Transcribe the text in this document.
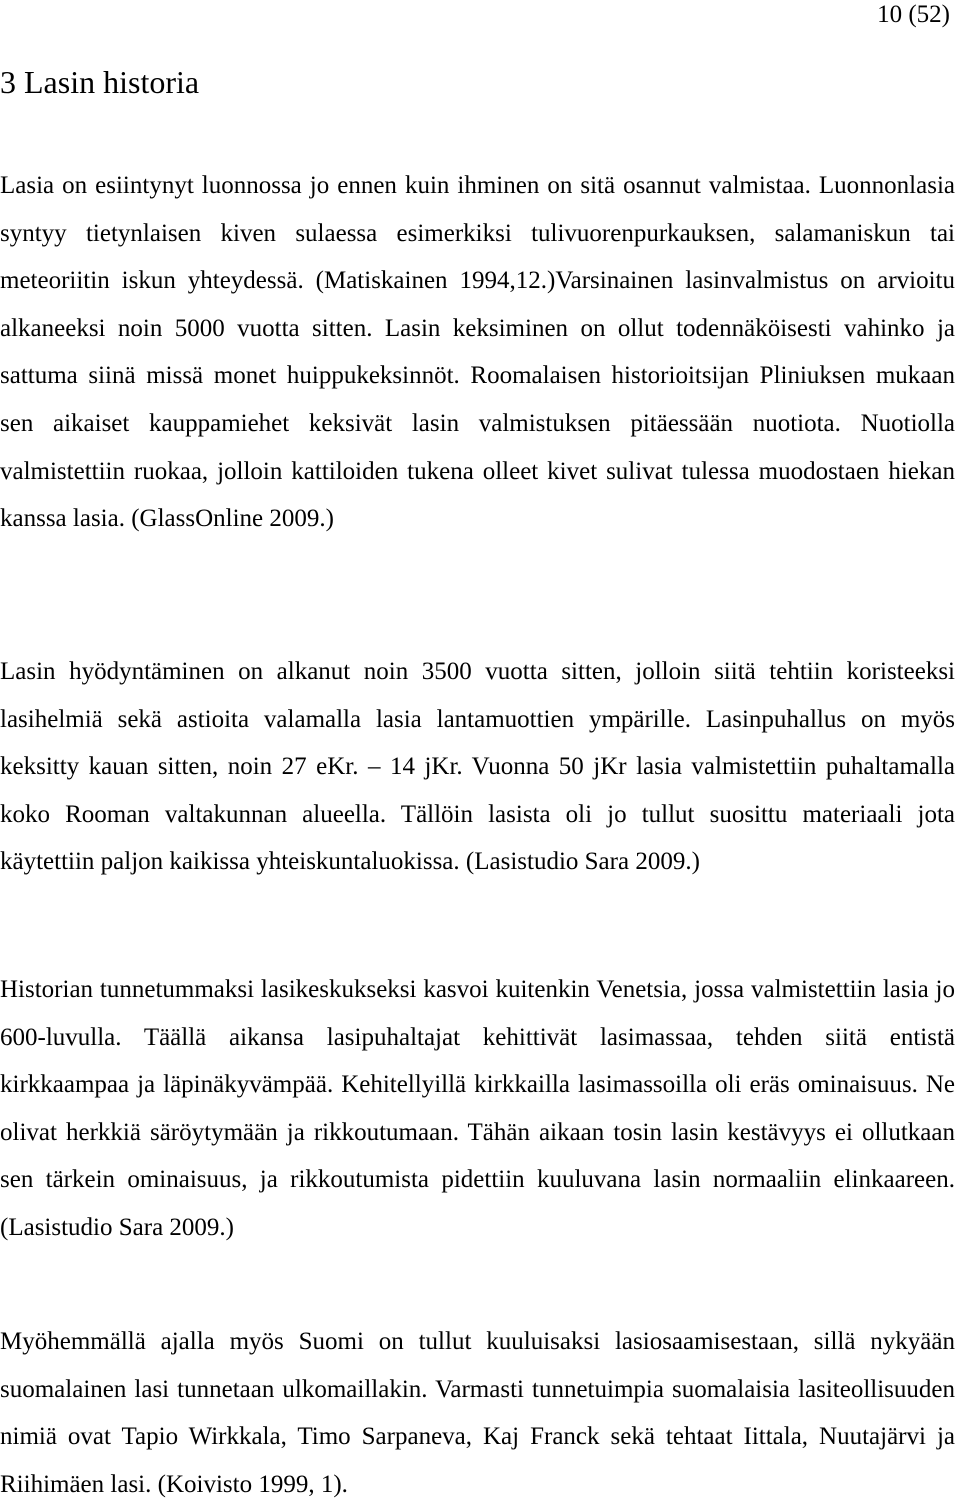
10 (52)
3 Lasin historia

Lasia on esiintynyt luonnossa jo ennen kuin ihminen on sitä osannut valmistaa. Luonnonlasia syntyy tietynlaisen kiven sulaessa esimerkiksi tulivuorenpurkauksen, salamaniskun tai meteoriitin iskun yhteydessä. (Matiskainen 1994,12.)Varsinainen lasinvalmistus on arvioitu alkaneeksi noin 5000 vuotta sitten. Lasin keksiminen on ollut todennäköisesti vahinko ja sattuma siinä missä monet huippukeksinnöt. Roomalaisen historioitsijan Pliniuksen mukaan sen aikaiset kauppamiehet keksivät lasin valmistuksen pitäessään nuotiota. Nuotiolla valmistettiin ruokaa, jolloin kattiloiden tukena olleet kivet sulivat tulessa muodostaen hiekan kanssa lasia. (GlassOnline 2009.)

Lasin hyödyntäminen on alkanut noin 3500 vuotta sitten, jolloin siitä tehtiin koristeeksi lasihelmiä sekä astioita valamalla lasia lantamuottien ympärille. Lasinpuhallus on myös keksitty kauan sitten, noin 27 eKr. – 14 jKr. Vuonna 50 jKr lasia valmistettiin puhaltamalla koko Rooman valtakunnan alueella. Tällöin lasista oli jo tullut suosittu materiaali jota käytettiin paljon kaikissa yhteiskuntaluokissa. (Lasistudio Sara 2009.)

Historian tunnetummaksi lasikeskukseksi kasvoi kuitenkin Venetsia, jossa valmistettiin lasia jo 600-luvulla. Täällä aikansa lasipuhaltajat kehittivät lasimassaa, tehden siitä entistä kirkkaampaa ja läpinäkyvämpää. Kehitellyillä kirkkailla lasimassoilla oli eräs ominaisuus. Ne olivat herkkiä säröytymään ja rikkoutumaan. Tähän aikaan tosin lasin kestävyys ei ollutkaan sen tärkein ominaisuus, ja rikkoutumista pidettiin kuuluvana lasin normaaliin elinkaareen. (Lasistudio Sara 2009.)

Myöhemmällä ajalla myös Suomi on tullut kuuluisaksi lasiosaamisestaan, sillä nykyään suomalainen lasi tunnetaan ulkomaillakin. Varmasti tunnetuimpia suomalaisia lasiteollisuuden nimiä ovat Tapio Wirkkala, Timo Sarpaneva, Kaj Franck sekä tehtaat Iittala, Nuutajärvi ja Riihimäen lasi. (Koivisto 1999, 1).
